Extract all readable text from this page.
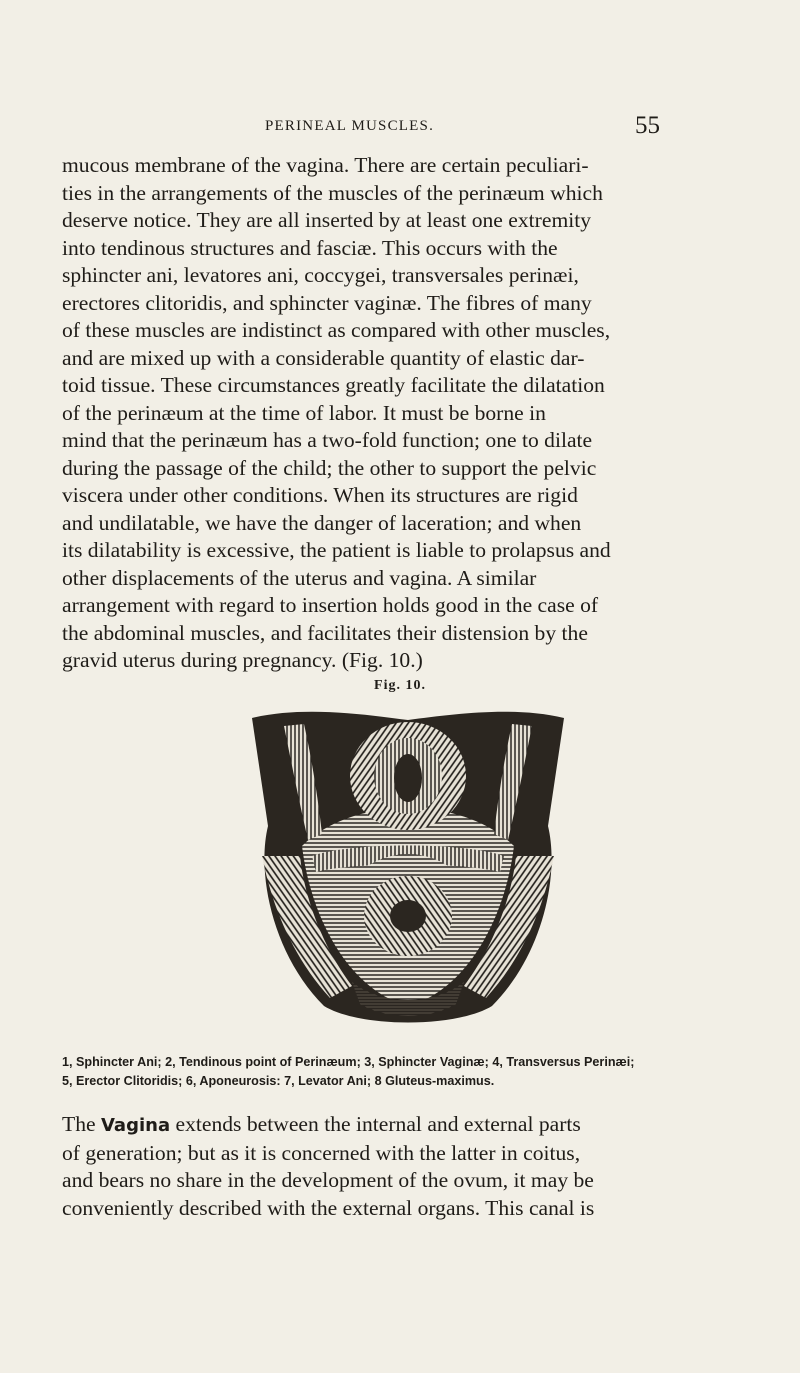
PERINEAL MUSCLES.	55

mucous membrane of the vagina. There are certain peculiari-
ties in the arrangements of the muscles of the perinæum which
deserve notice. They are all inserted by at least one extremity
into tendinous structures and fasciæ. This occurs with the
sphincter ani, levatores ani, coccygei, transversales perinæi,
erectores clitoridis, and sphincter vaginæ. The fibres of many
of these muscles are indistinct as compared with other muscles,
and are mixed up with a considerable quantity of elastic dar-
toid tissue. These circumstances greatly facilitate the dilatation
of the perinæum at the time of labor. It must be borne in
mind that the perinæum has a two-fold function; one to dilate
during the passage of the child; the other to support the pelvic
viscera under other conditions. When its structures are rigid
and undilatable, we have the danger of laceration; and when
its dilatability is excessive, the patient is liable to prolapsus and
other displacements of the uterus and vagina. A similar
arrangement with regard to insertion holds good in the case of
the abdominal muscles, and facilitates their distension by the
gravid uterus during pregnancy. (Fig. 10.)

Fig. 10.

1, Sphincter Ani; 2, Tendinous point of Perinæum; 3, Sphincter Vaginæ; 4, Transversus Perinæi;
5, Erector Clitoridis; 6, Aponeurosis: 7, Levator Ani; 8 Gluteus-maximus.

The Vagina extends between the internal and external parts
of generation; but as it is concerned with the latter in coitus,
and bears no share in the development of the ovum, it may be
conveniently described with the external organs. This canal is
